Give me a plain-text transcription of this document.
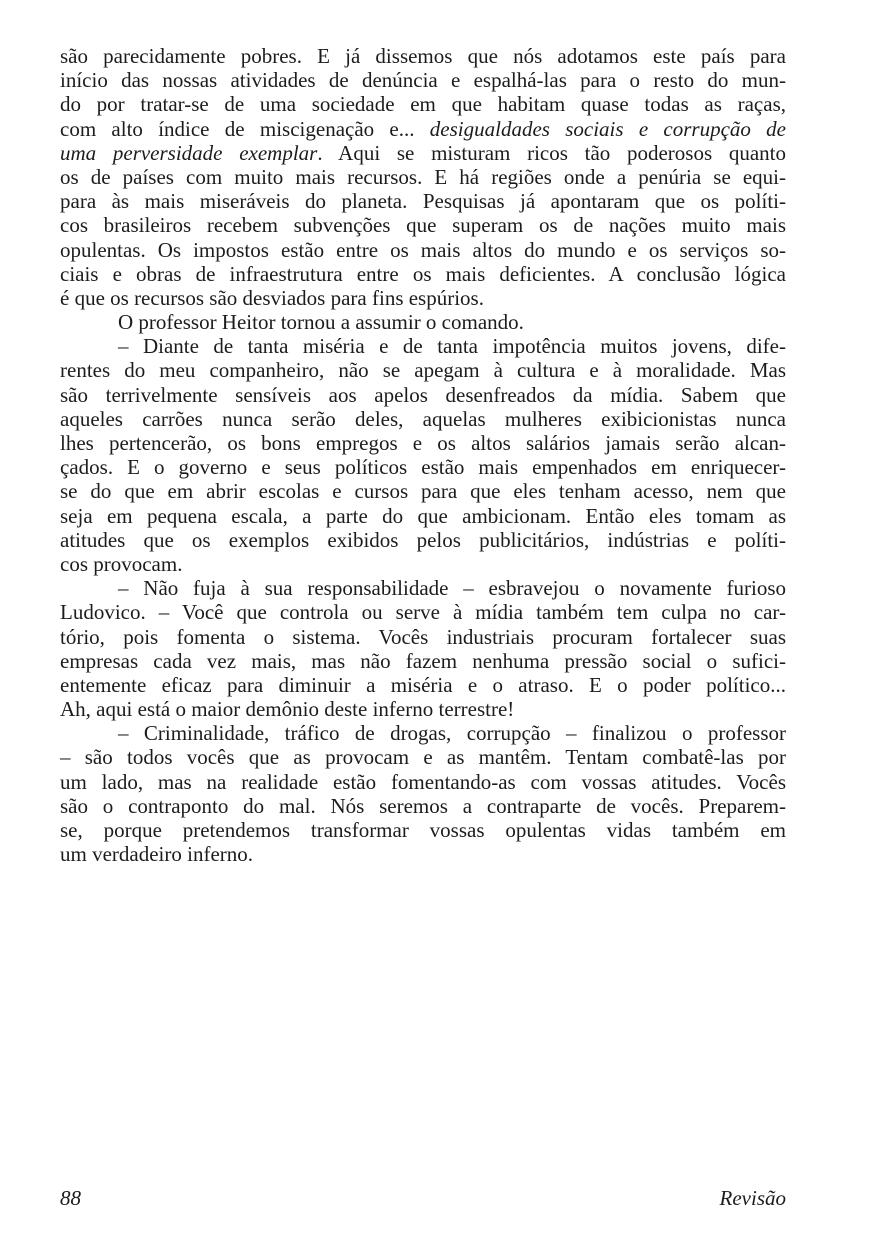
são parecidamente pobres. E já dissemos que nós adotamos este país para
início das nossas atividades de denúncia e espalhá-las para o resto do mun-
do por tratar-se de uma sociedade em que habitam quase todas as raças,
com alto índice de miscigenação e... desigualdades sociais e corrupção de
uma perversidade exemplar. Aqui se misturam ricos tão poderosos quanto
os de países com muito mais recursos. E há regiões onde a penúria se equi-
para às mais miseráveis do planeta. Pesquisas já apontaram que os políti-
cos brasileiros recebem subvenções que superam os de nações muito mais
opulentas. Os impostos estão entre os mais altos do mundo e os serviços so-
ciais e obras de infraestrutura entre os mais deficientes. A conclusão lógica
é que os recursos são desviados para fins espúrios.
O professor Heitor tornou a assumir o comando.
– Diante de tanta miséria e de tanta impotência muitos jovens, dife-
rentes do meu companheiro, não se apegam à cultura e à moralidade. Mas
são terrivelmente sensíveis aos apelos desenfreados da mídia. Sabem que
aqueles carrões nunca serão deles, aquelas mulheres exibicionistas nunca
lhes pertencerão, os bons empregos e os altos salários jamais serão alcan-
çados. E o governo e seus políticos estão mais empenhados em enriquecer-
se do que em abrir escolas e cursos para que eles tenham acesso, nem que
seja em pequena escala, a parte do que ambicionam. Então eles tomam as
atitudes que os exemplos exibidos pelos publicitários, indústrias e políti-
cos provocam.
– Não fuja à sua responsabilidade – esbravejou o novamente furioso
Ludovico. – Você que controla ou serve à mídia também tem culpa no car-
tório, pois fomenta o sistema. Vocês industriais procuram fortalecer suas
empresas cada vez mais, mas não fazem nenhuma pressão social o sufici-
entemente eficaz para diminuir a miséria e o atraso. E o poder político...
Ah, aqui está o maior demônio deste inferno terrestre!
– Criminalidade, tráfico de drogas, corrupção – finalizou o professor
– são todos vocês que as provocam e as mantêm. Tentam combatê-las por
um lado, mas na realidade estão fomentando-as com vossas atitudes. Vocês
são o contraponto do mal. Nós seremos a contraparte de vocês. Preparem-
se, porque pretendemos transformar vossas opulentas vidas também em
um verdadeiro inferno.
88	Revisão
